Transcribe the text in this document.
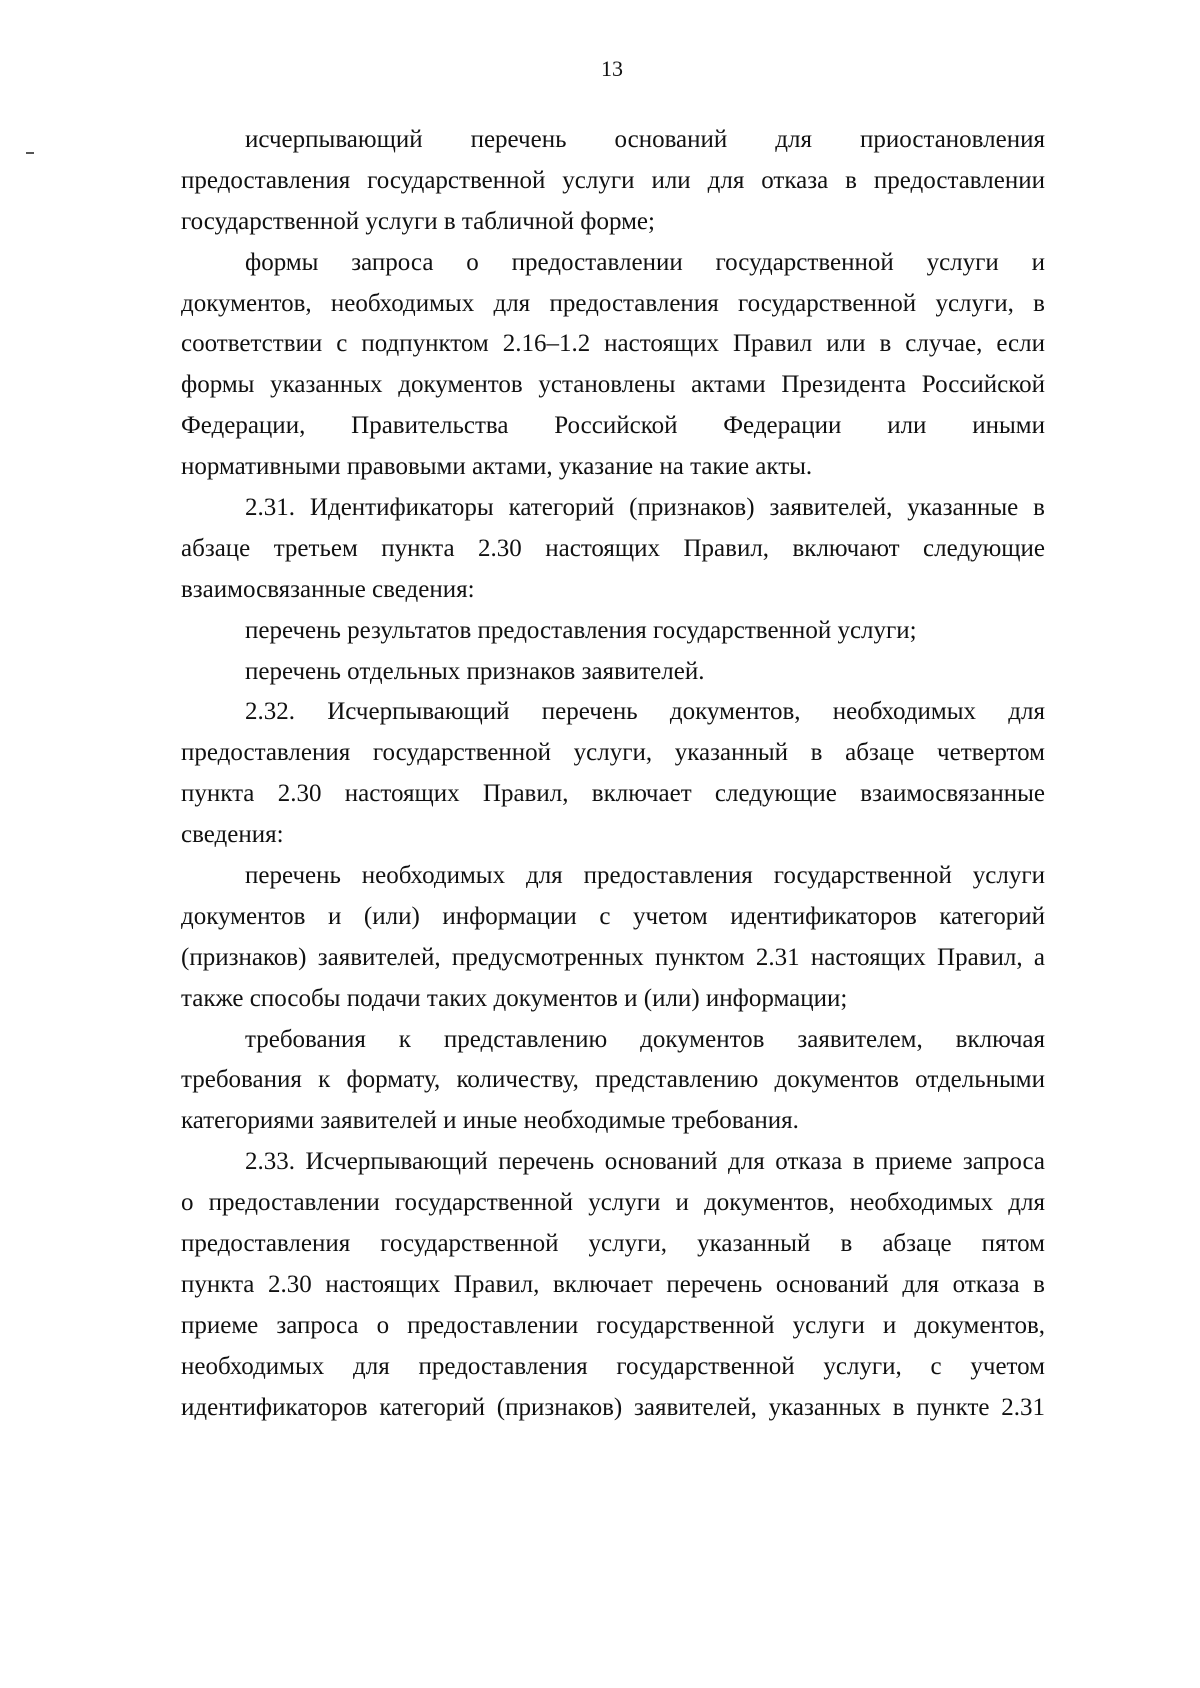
13
исчерпывающий перечень оснований для приостановления
предоставления государственной услуги или для отказа в предоставлении
государственной услуги в табличной форме;
формы запроса о предоставлении государственной услуги и
документов, необходимых для предоставления государственной услуги, в
соответствии с подпунктом 2.16–1.2 настоящих Правил или в случае, если
формы указанных документов установлены актами Президента Российской
Федерации, Правительства Российской Федерации или иными
нормативными правовыми актами, указание на такие акты.
2.31. Идентификаторы категорий (признаков) заявителей, указанные в
абзаце третьем пункта 2.30 настоящих Правил, включают следующие
взаимосвязанные сведения:
перечень результатов предоставления государственной услуги;
перечень отдельных признаков заявителей.
2.32. Исчерпывающий перечень документов, необходимых для
предоставления государственной услуги, указанный в абзаце четвертом
пункта 2.30 настоящих Правил, включает следующие взаимосвязанные
сведения:
перечень необходимых для предоставления государственной услуги
документов и (или) информации с учетом идентификаторов категорий
(признаков) заявителей, предусмотренных пунктом 2.31 настоящих Правил, а
также способы подачи таких документов и (или) информации;
требования к представлению документов заявителем, включая
требования к формату, количеству, представлению документов отдельными
категориями заявителей и иные необходимые требования.
2.33. Исчерпывающий перечень оснований для отказа в приеме запроса
о предоставлении государственной услуги и документов, необходимых для
предоставления государственной услуги, указанный в абзаце пятом
пункта 2.30 настоящих Правил, включает перечень оснований для отказа в
приеме запроса о предоставлении государственной услуги и документов,
необходимых для предоставления государственной услуги, с учетом
идентификаторов категорий (признаков) заявителей, указанных в пункте 2.31
